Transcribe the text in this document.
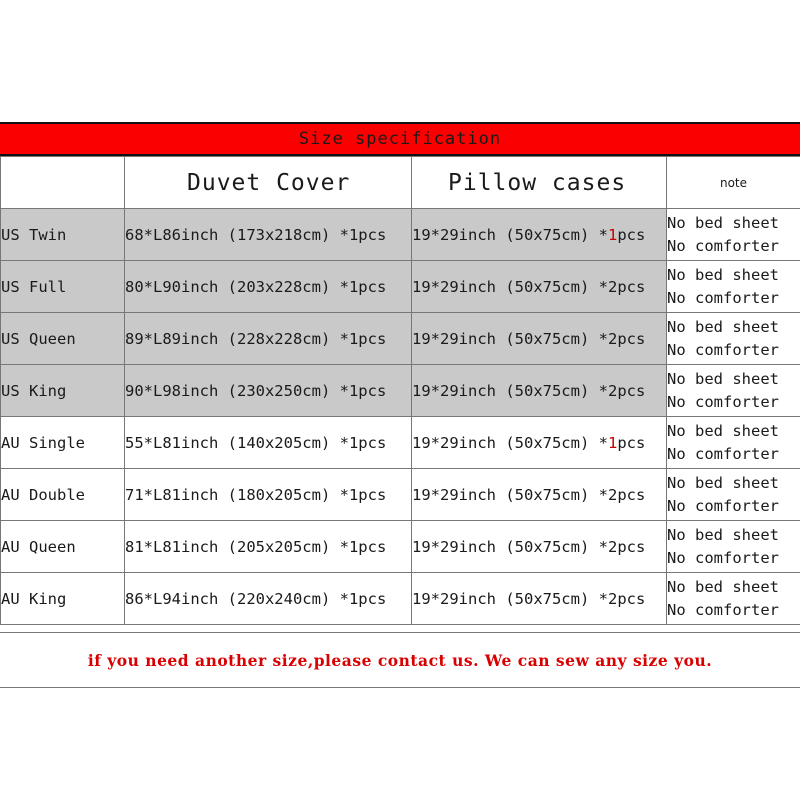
Size specification
	Duvet Cover	Pillow cases	note
US Twin	68*L86inch (173x218cm) *1pcs	19*29inch (50x75cm) *1pcs	No bed sheet
No comforter

US Full	80*L90inch (203x228cm) *1pcs	19*29inch (50x75cm) *2pcs	No bed sheet
No comforter

US Queen	89*L89inch (228x228cm) *1pcs	19*29inch (50x75cm) *2pcs	No bed sheet
No comforter

US King	90*L98inch (230x250cm) *1pcs	19*29inch (50x75cm) *2pcs	No bed sheet
No comforter

AU Single	55*L81inch (140x205cm) *1pcs	19*29inch (50x75cm) *1pcs	No bed sheet
No comforter

AU Double	71*L81inch (180x205cm) *1pcs	19*29inch (50x75cm) *2pcs	No bed sheet
No comforter

AU Queen	81*L81inch (205x205cm) *1pcs	19*29inch (50x75cm) *2pcs	No bed sheet
No comforter

AU King	86*L94inch (220x240cm) *1pcs	19*29inch (50x75cm) *2pcs	No bed sheet
No comforter
if you need another size,please contact us. We can sew any size you.
